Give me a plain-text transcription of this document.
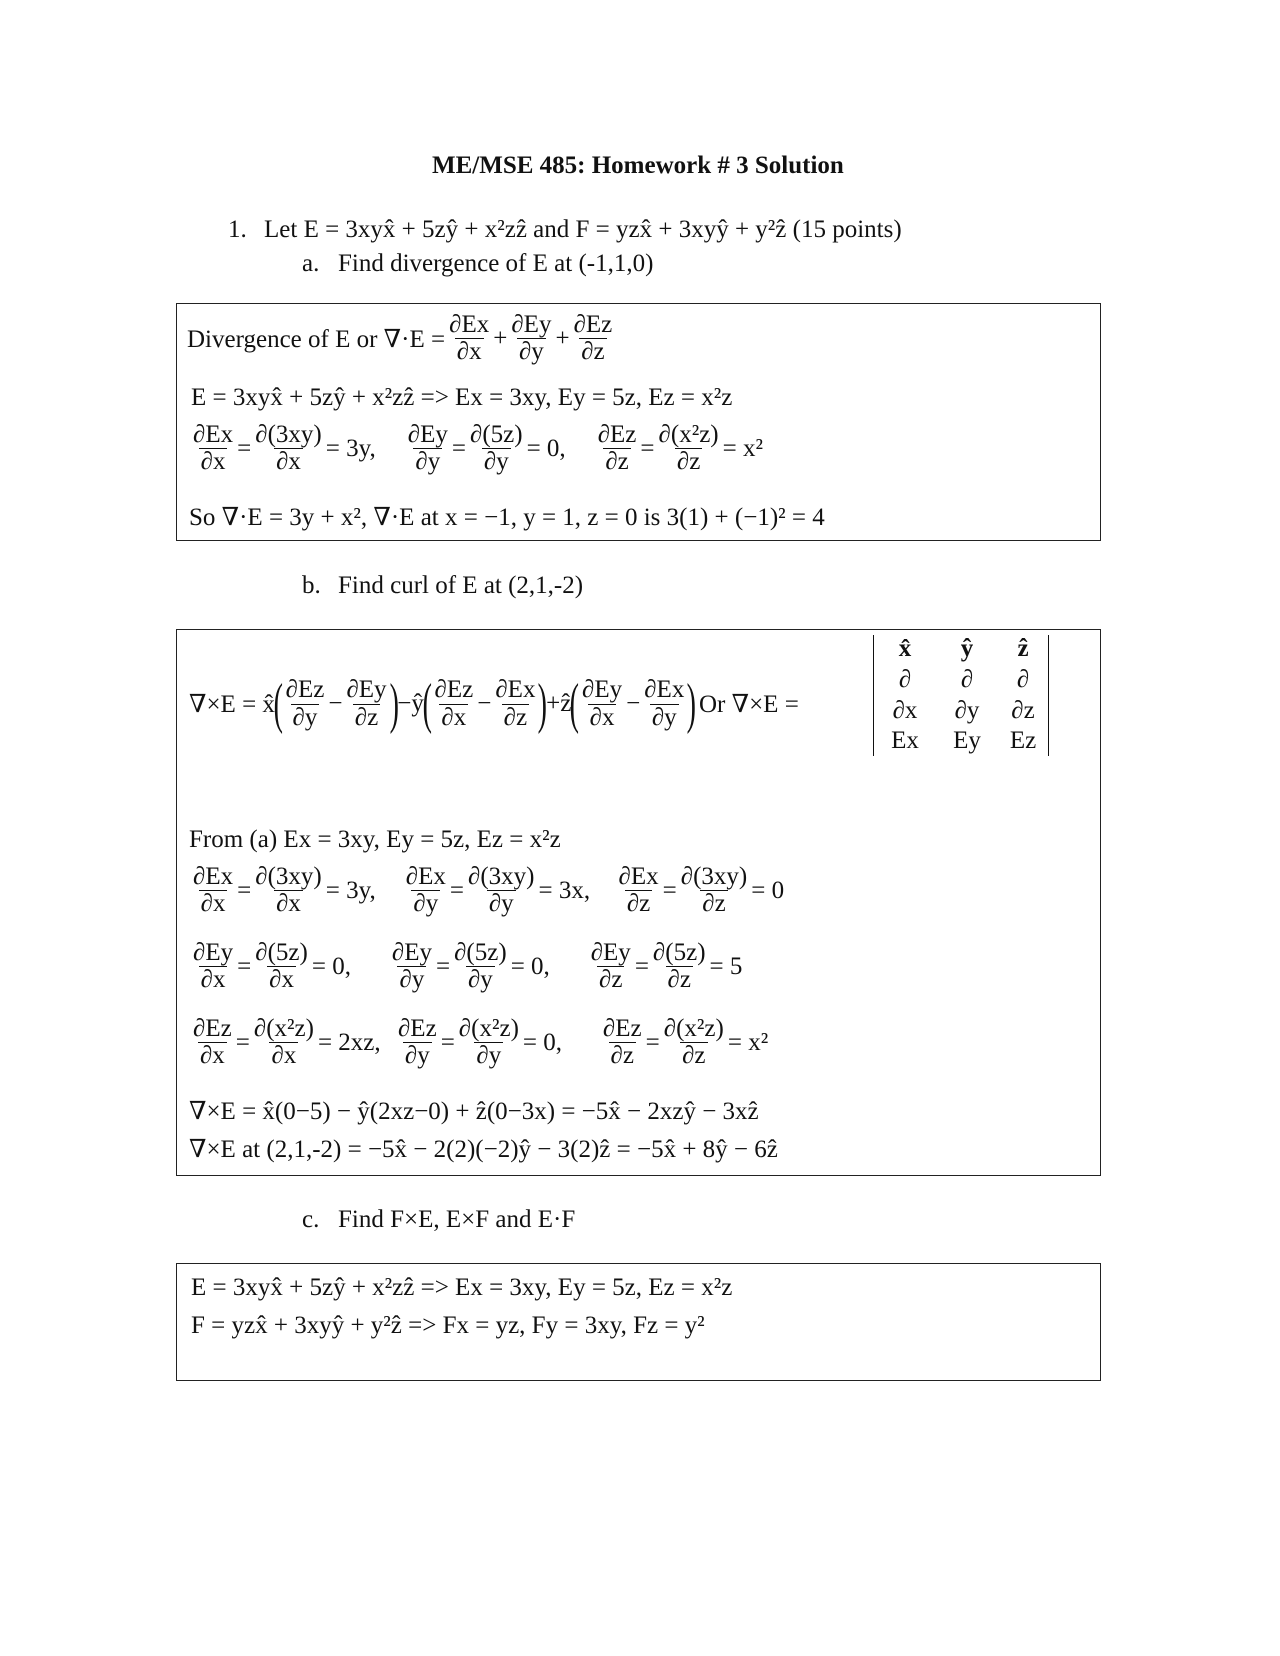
ME/MSE 485: Homework # 3 Solution
1. Let E = 3xyx̂ + 5zŷ + x²zẑ and F = yzx̂ + 3xyŷ + y²ẑ (15 points)
a. Find divergence of E at (-1,1,0)
Divergence of E or $\nabla\cdot E = \frac{\partial Ex}{\partial x} + \frac{\partial Ey}{\partial y} + \frac{\partial Ez}{\partial z}$
E = 3xyx̂ + 5zŷ + x²zẑ => Ex = 3xy, Ey = 5z, Ez = x²z
$\frac{\partial Ex}{\partial x} = \frac{\partial(3xy)}{\partial x} = 3y$, $\frac{\partial Ey}{\partial y} = \frac{\partial(5z)}{\partial y} = 0$, $\frac{\partial Ez}{\partial z} = \frac{\text{∂(x²z)}}{\partial z} = x^2$
So ∇·E = 3y + x², ∇·E at x = −1, y = 1, z = 0 is 3(1) + (−1)² = 4
b. Find curl of E at (2,1,-2)
∇×E = x̂
( $\frac{\partial Ez}{\partial y} - \frac{\partial Ey}{\partial z}$ )
−ŷ
( $\frac{\partial Ez}{\partial x} - \frac{\partial Ex}{\partial z}$ )
+ẑ
( $\frac{\partial Ey}{\partial x} - \frac{\partial Ex}{\partial y}$ ) Or ∇×E =
x̂	ŷ	ẑ
∂	∂	∂
∂x	∂y	∂z
Ex	Ey	Ez
From (a) Ex = 3xy, Ey = 5z, Ez = x²z
$\frac{\partial Ex}{\partial x} = \frac{\partial(3xy)}{\partial x} = 3y$,	$\frac{\partial Ex}{\partial y} = \frac{\partial(3xy)}{\partial y} = 3x$,	$\frac{\partial Ex}{\partial z} = \frac{\partial(3xy)}{\partial z} = 0$
$\frac{\partial Ey}{\partial x} = \frac{\partial(5z)}{\partial x} = 0$,	$\frac{\partial Ey}{\partial y} = \frac{\partial(5z)}{\partial y} = 0$,	$\frac{\partial Ey}{\partial z} = \frac{\partial(5z)}{\partial z} = 5$
$\frac{\partial Ez}{\partial x} = \frac{\text{∂(x²z)}}{\partial x} = 2xz$, $\frac{\partial Ez}{\partial y} = \frac{\text{∂(x²z)}}{\partial y} = 0$,	$\frac{\partial Ez}{\partial z} = \frac{\text{∂(x²z)}}{\partial z} = x^2$
∇×E = x̂(0−5) − ŷ(2xz−0) + ẑ(0−3x) = −5x̂ − 2xzŷ − 3xẑ
∇×E at (2,1,-2) = −5x̂ − 2(2)(−2)ŷ − 3(2)ẑ = −5x̂ + 8ŷ − 6ẑ
c. Find F×E, E×F and E·F
E = 3xyx̂ + 5zŷ + x²zẑ => Ex = 3xy, Ey = 5z, Ez = x²z
F = yzx̂ + 3xyŷ + y²ẑ => Fx = yz, Fy = 3xy, Fz = y²
